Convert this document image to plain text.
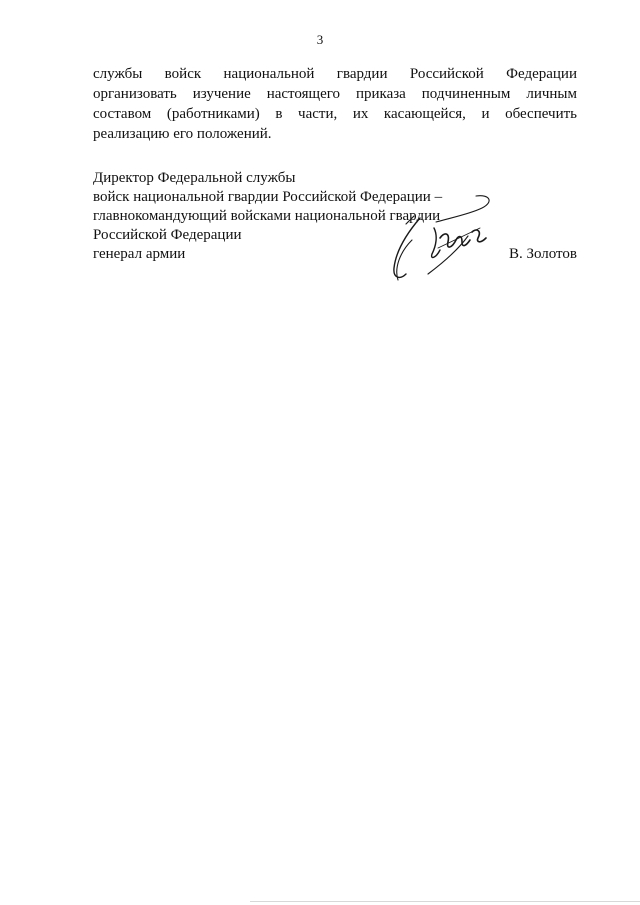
3
службы войск национальной гвардии Российской Федерации
организовать изучение настоящего приказа подчиненным личным
составом (работниками) в части, их касающейся, и обеспечить
реализацию его положений.
Директор Федеральной службы
войск национальной гвардии Российской Федерации –
главнокомандующий войсками национальной гвардии
Российской Федерации
генерал армии	В. Золотов
